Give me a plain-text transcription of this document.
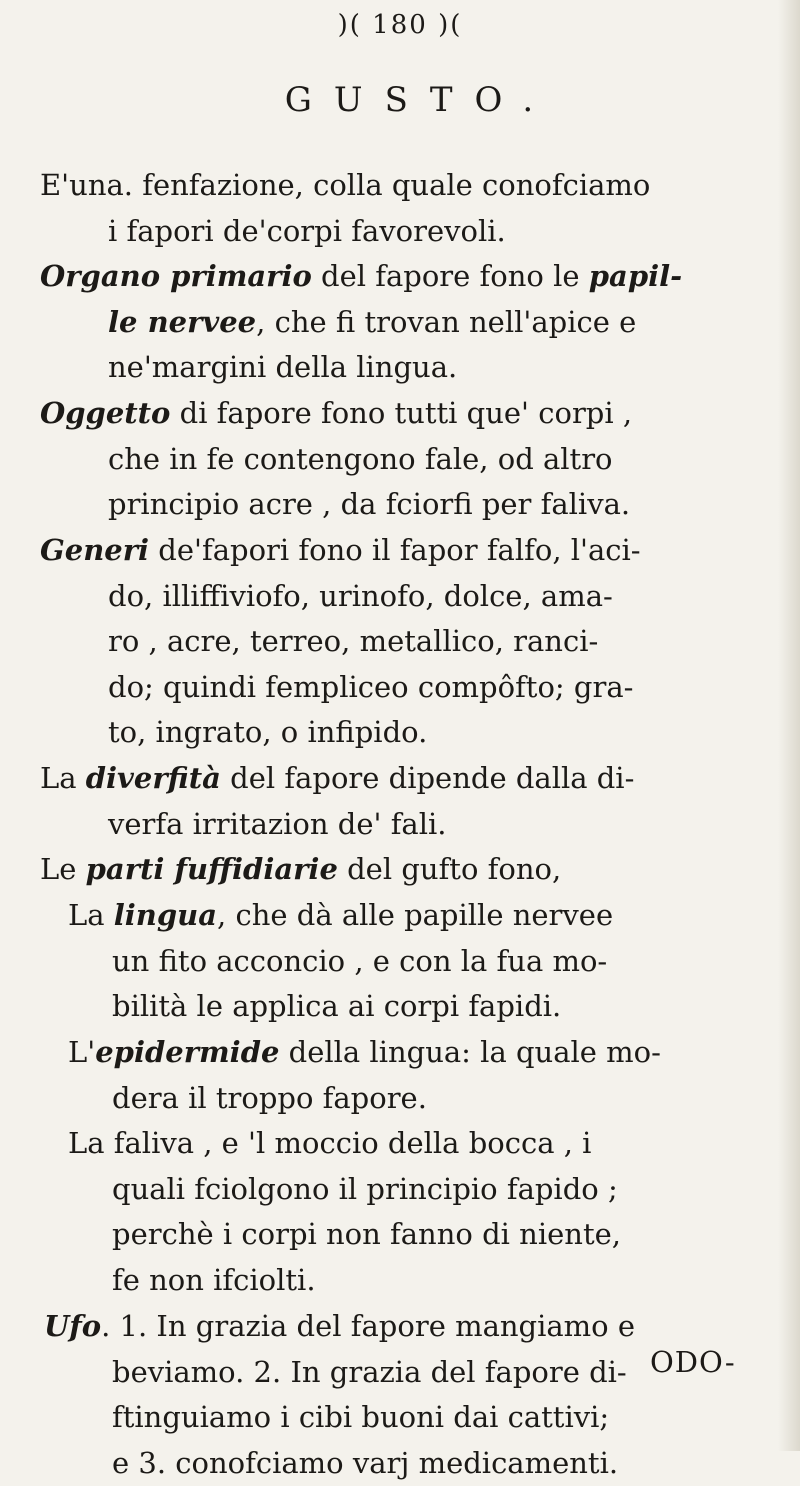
)( 180 )(
GUSTO.
E'una. fenfazione, colla quale conofciamo
i fapori de'corpi favorevoli.
Organo primario del fapore fono le papil-
le nervee, che fi trovan nell'apice e
ne'margini della lingua.
Oggetto di fapore fono tutti que' corpi ,
che in fe contengono fale, od altro
principio acre , da fciorfi per faliva.
Generi de'fapori fono il fapor falfo, l'aci-
do, illiffiviofo, urinofo, dolce, ama-
ro , acre, terreo, metallico, ranci-
do; quindi fempliceo compôfto; gra-
to, ingrato, o infipido.
La diverfità del fapore dipende dalla di-
verfa irritazion de' fali.
Le parti fuffidiarie del gufto fono,
La lingua, che dà alle papille nervee
un fito acconcio , e con la fua mo-
bilità le applica ai corpi fapidi.
L'epidermide della lingua: la quale mo-
dera il troppo fapore.
La faliva , e 'l moccio della bocca , i
quali fciolgono il principio fapido ;
perchè i corpi non fanno di niente,
fe non ifciolti.
Ufo. 1. In grazia del fapore mangiamo e
beviamo. 2. In grazia del fapore di-
ftinguiamo i cibi buoni dai cattivi;
e 3. conofciamo varj medicamenti.
ODO-
